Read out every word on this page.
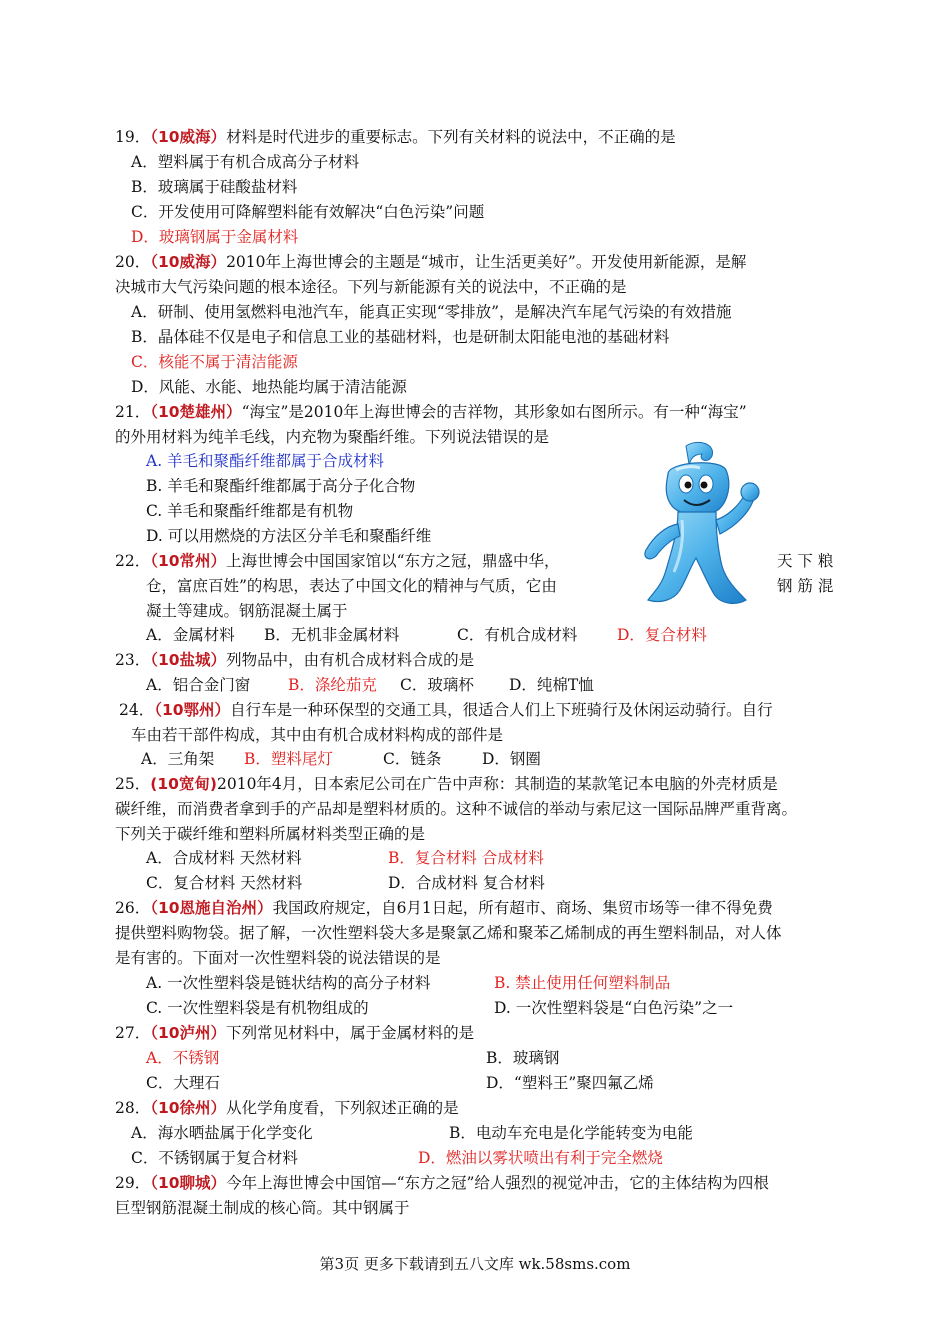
19．（10威海）材料是时代进步的重要标志。下列有关材料的说法中，不正确的是
A．塑料属于有机合成高分子材料
B．玻璃属于硅酸盐材料
C．开发使用可降解塑料能有效解决“白色污染”问题
D．玻璃钢属于金属材料
20．（10威海）2010年上海世博会的主题是“城市，让生活更美好”。开发使用新能源，是解
决城市大气污染问题的根本途径。下列与新能源有关的说法中，不正确的是
A．研制、使用氢燃料电池汽车，能真正实现“零排放”，是解决汽车尾气污染的有效措施
B．晶体硅不仅是电子和信息工业的基础材料，也是研制太阳能电池的基础材料
C．核能不属于清洁能源
D．风能、水能、地热能均属于清洁能源
21．（10楚雄州）“海宝”是2010年上海世博会的吉祥物，其形象如右图所示。有一种“海宝”
的外用材料为纯羊毛线，内充物为聚酯纤维。下列说法错误的是
A. 羊毛和聚酯纤维都属于合成材料
B. 羊毛和聚酯纤维都属于高分子化合物
C. 羊毛和聚酯纤维都是有机物
D. 可以用燃烧的方法区分羊毛和聚酯纤维
22．（10常州）上海世博会中国国家馆以“东方之冠，鼎盛中华，	天 下 粮
仓，富庶百姓”的构思，表达了中国文化的精神与气质，它由	钢 筋 混
凝土等建成。钢筋混凝土属于
A．金属材料 B．无机非金属材料	C．有机合成材料	D．复合材料
23．（10盐城）列物品中，由有机合成材料合成的是
A．铝合金门窗 B．涤纶茄克 C．玻璃杯 D．纯棉T恤
24．（10鄂州）自行车是一种环保型的交通工具，很适合人们上下班骑行及休闲运动骑行。自行
车由若干部件构成，其中由有机合成材料构成的部件是
A．三角架 B．塑料尾灯	C．链条	D．钢圈
25．(10宽甸)2010年4月，日本索尼公司在广告中声称：其制造的某款笔记本电脑的外壳材质是
碳纤维，而消费者拿到手的产品却是塑料材质的。这种不诚信的举动与索尼这一国际品牌严重背离。
下列关于碳纤维和塑料所属材料类型正确的是
A．合成材料 天然材料	B．复合材料 合成材料
C．复合材料 天然材料	D．合成材料 复合材料
26．（10恩施自治州）我国政府规定，自6月1日起，所有超市、商场、集贸市场等一律不得免费
提供塑料购物袋。据了解，一次性塑料袋大多是聚氯乙烯和聚苯乙烯制成的再生塑料制品，对人体
是有害的。下面对一次性塑料袋的说法错误的是
A. 一次性塑料袋是链状结构的高分子材料	B. 禁止使用任何塑料制品
C. 一次性塑料袋是有机物组成的	D. 一次性塑料袋是“白色污染”之一
27．（10泸州）下列常见材料中，属于金属材料的是
A．不锈钢	B．玻璃钢
C．大理石	D．“塑料王”聚四氟乙烯
28．（10徐州）从化学角度看，下列叙述正确的是
A．海水晒盐属于化学变化	B．电动车充电是化学能转变为电能
C．不锈钢属于复合材料	D．燃油以雾状喷出有利于完全燃烧
29．（10聊城）今年上海世博会中国馆—“东方之冠”给人强烈的视觉冲击，它的主体结构为四根
巨型钢筋混凝土制成的核心筒。其中钢属于
第3页 更多下载请到五八文库 wk.58sms.com
